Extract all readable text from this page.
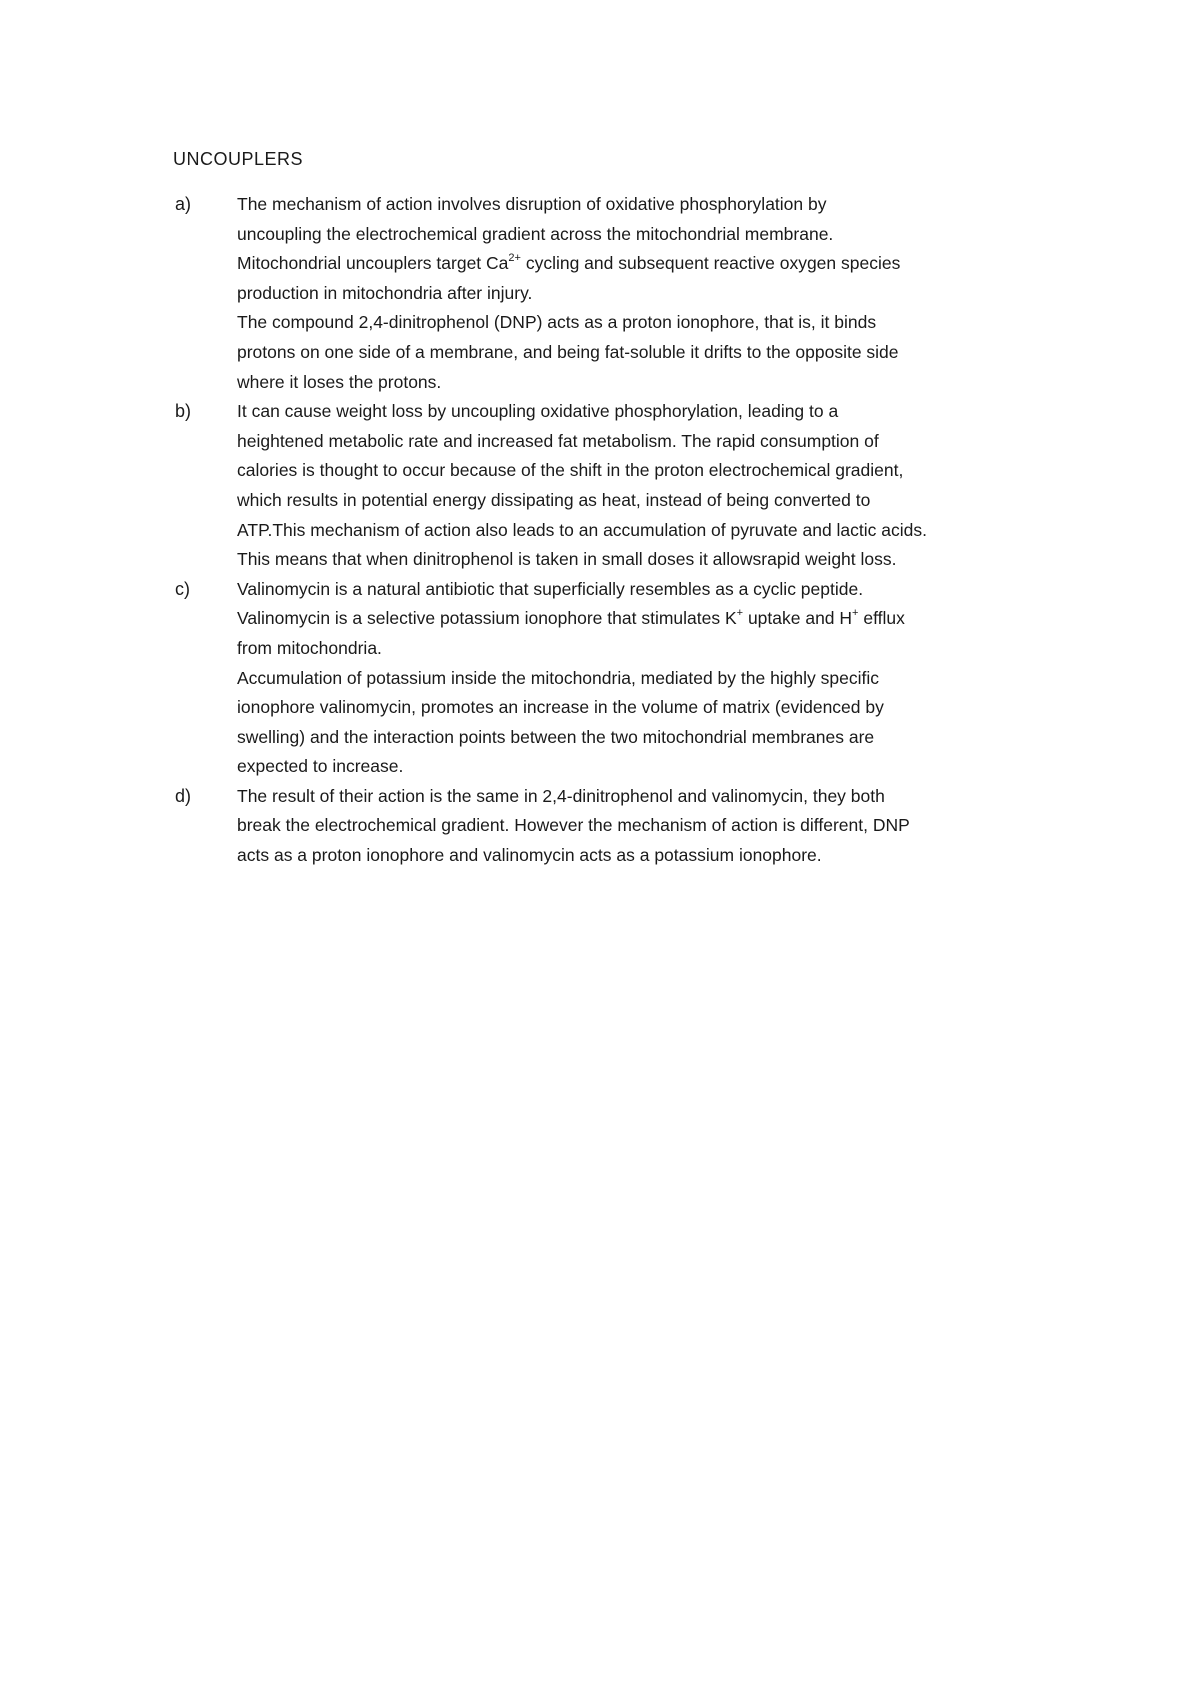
UNCOUPLERS
a)	The mechanism of action involves disruption of oxidative phosphorylation by
uncoupling the electrochemical gradient across the mitochondrial membrane.
Mitochondrial uncouplers target $Ca^{2+}$ cycling and subsequent reactive oxygen species
production in mitochondria after injury.
The compound 2,4-dinitrophenol (DNP) acts as a proton ionophore, that is, it binds
protons on one side of a membrane, and being fat-soluble it drifts to the opposite side
where it loses the protons.

b)	It can cause weight loss by uncoupling oxidative phosphorylation, leading to a
heightened metabolic rate and increased fat metabolism. The rapid consumption of
calories is thought to occur because of the shift in the proton electrochemical gradient,
which results in potential energy dissipating as heat, instead of being converted to
ATP.This mechanism of action also leads to an accumulation of pyruvate and lactic acids.
This means that when dinitrophenol is taken in small doses it allowsrapid weight loss.

c)	Valinomycin is a natural antibiotic that superficially resembles as a cyclic peptide.
Valinomycin is a selective potassium ionophore that stimulates K+ uptake and H+ efflux
from mitochondria.
Accumulation of potassium inside the mitochondria, mediated by the highly specific
ionophore valinomycin, promotes an increase in the volume of matrix (evidenced by
swelling) and the interaction points between the two mitochondrial membranes are
expected to increase.

d)	The result of their action is the same in 2,4-dinitrophenol and valinomycin, they both
break the electrochemical gradient. However the mechanism of action is different, DNP
acts as a proton ionophore and valinomycin acts as a potassium ionophore.
